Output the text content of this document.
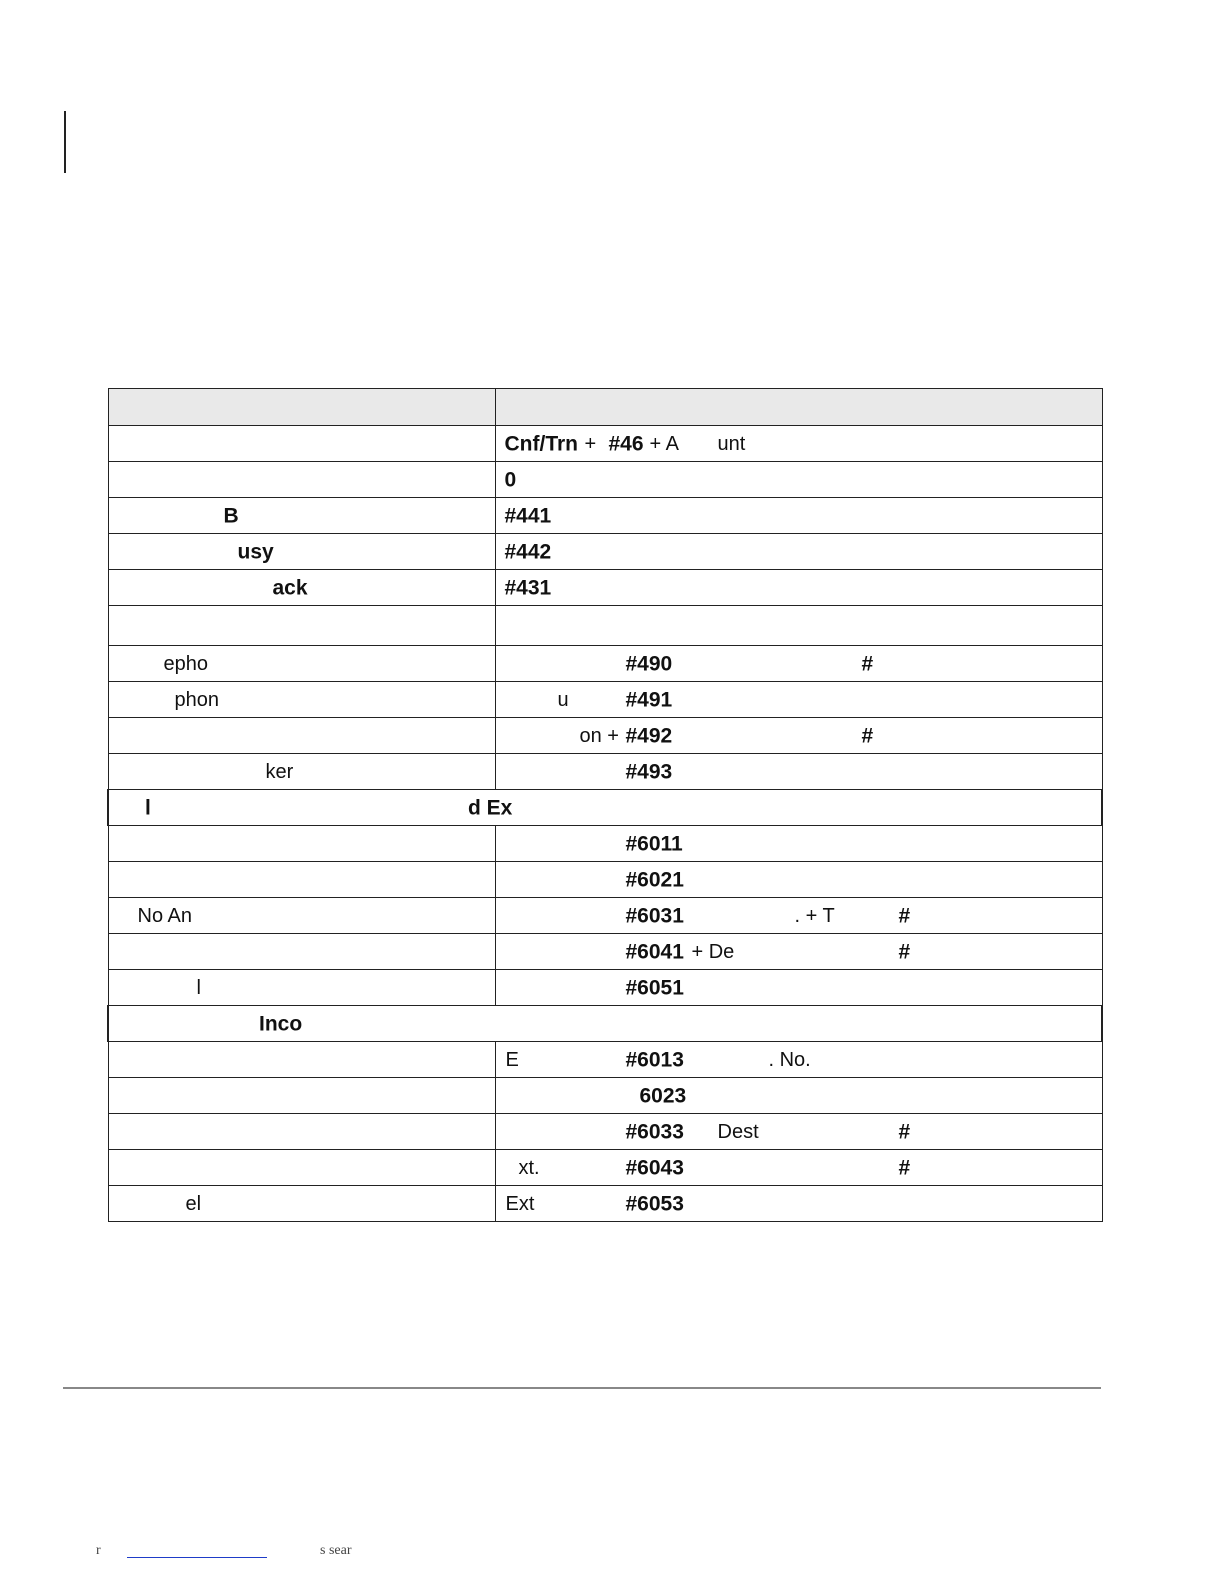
	Cnf/Trn + #46 + A unt

	0

B	#441

usy	#442

ack	#431

epho	#490 #

phon	u #491

	on + #492 #

ker	#493

l d Ex	

	#6011

	#6021

No An	#6031 . + T #

	#6041 + De #

l	#6051

Inco	

	E #6013 . No.

	6023

	#6033 Dest #

	xt. #6043 #

el	Ext #6053
r	s sear
